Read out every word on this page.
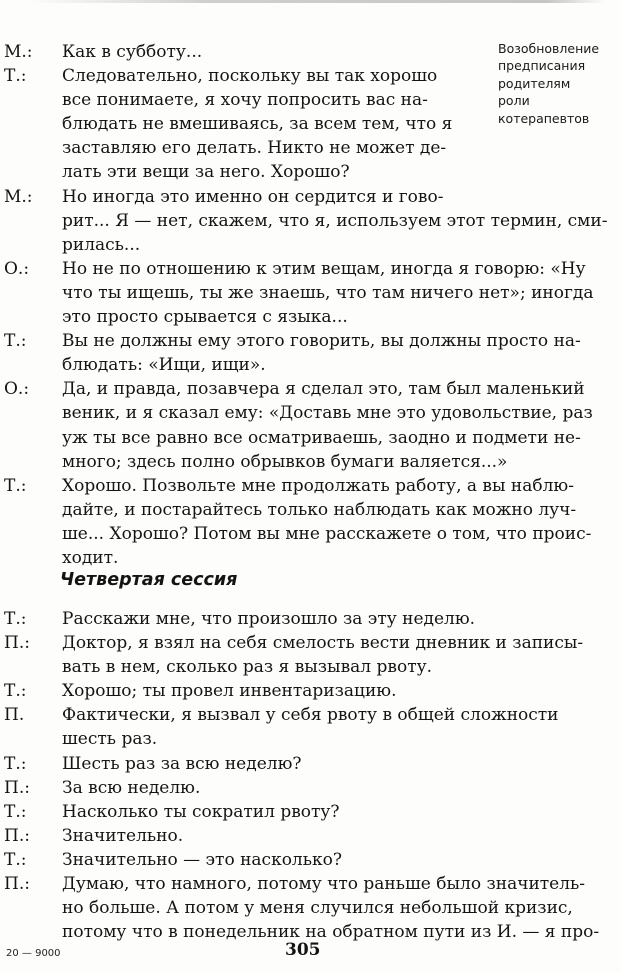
Возобновление
предписания
родителям
роли
котерапевтов
М.: Как в субботу...
Т.: Следовательно, поскольку вы так хорошо
все понимаете, я хочу попросить вас на-
блюдать не вмешиваясь, за всем тем, что я
заставляю его делать. Никто не может де-
лать эти вещи за него. Хорошо?
М.: Но иногда это именно он сердится и гово-
рит... Я — нет, скажем, что я, используем этот термин, сми-
рилась...
О.: Но не по отношению к этим вещам, иногда я говорю: «Ну
что ты ищешь, ты же знаешь, что там ничего нет»; иногда
это просто срывается с языка...
Т.: Вы не должны ему этого говорить, вы должны просто на-
блюдать: «Ищи, ищи».
О.: Да, и правда, позавчера я сделал это, там был маленький
веник, и я сказал ему: «Доставь мне это удовольствие, раз
уж ты все равно все осматриваешь, заодно и подмети не-
много; здесь полно обрывков бумаги валяется...»
Т.: Хорошо. Позвольте мне продолжать работу, а вы наблю-
дайте, и постарайтесь только наблюдать как можно луч-
ше... Хорошо? Потом вы мне расскажете о том, что проис-
ходит.
Четвертая сессия
Т.: Расскажи мне, что произошло за эту неделю.
П.: Доктор, я взял на себя смелость вести дневник и записы-
вать в нем, сколько раз я вызывал рвоту.
Т.: Хорошо; ты провел инвентаризацию.
П. Фактически, я вызвал у себя рвоту в общей сложности
шесть раз.
Т.: Шесть раз за всю неделю?
П.: За всю неделю.
Т.: Насколько ты сократил рвоту?
П.: Значительно.
Т.: Значительно — это насколько?
П.: Думаю, что намного, потому что раньше было значитель-
но больше. А потом у меня случился небольшой кризис,
потому что в понедельник на обратном пути из И. — я про-
20 — 9000	305
